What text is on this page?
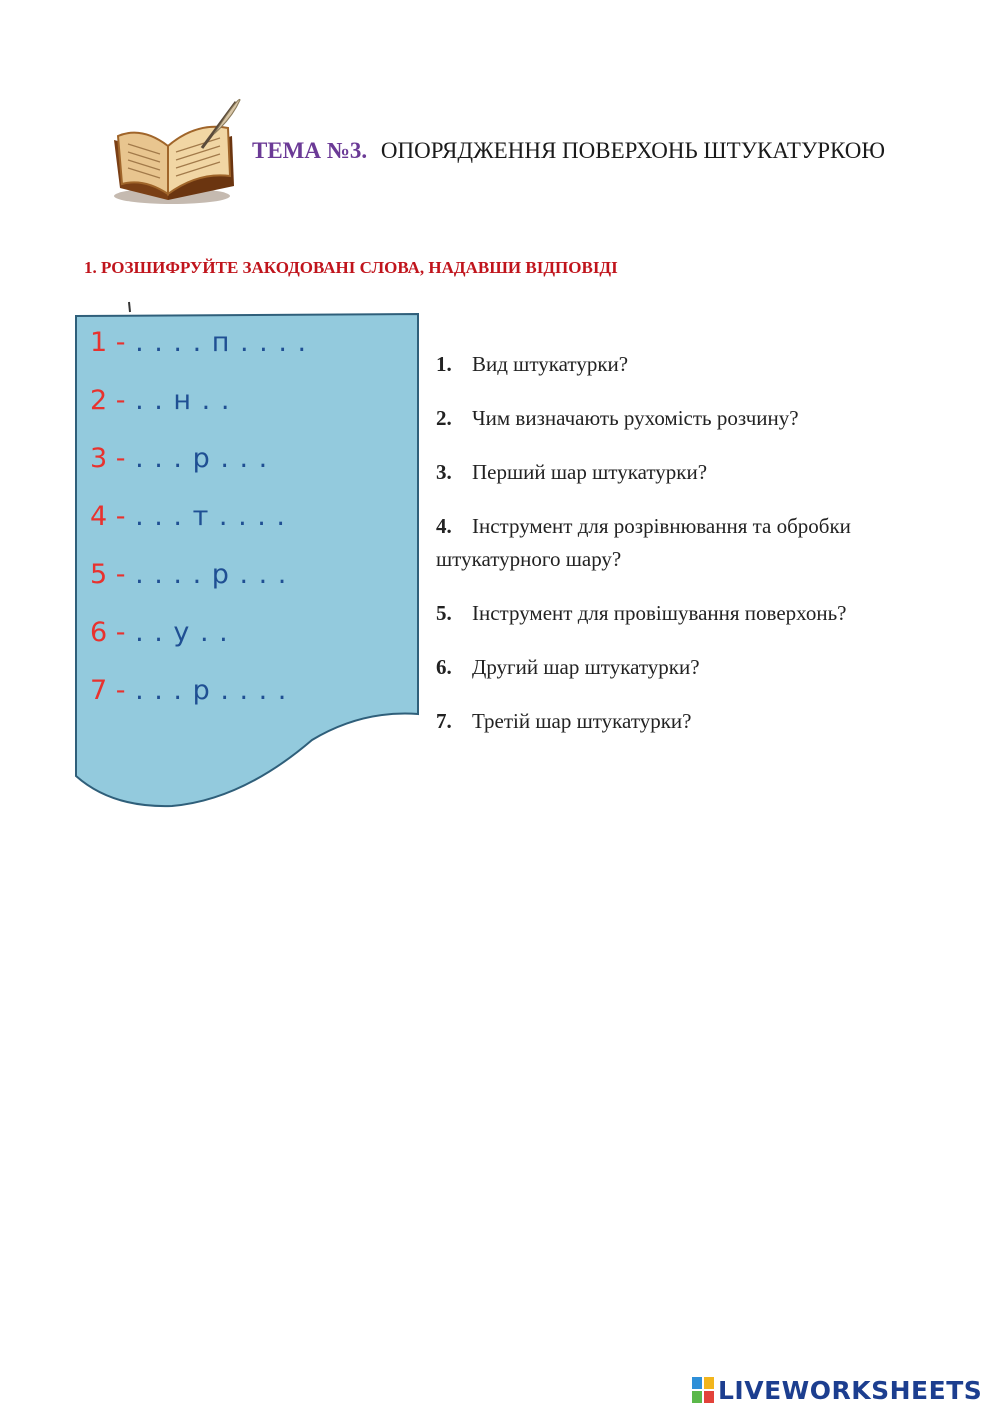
ТЕМА №3. ОПОРЯДЖЕННЯ ПОВЕРХОНЬ ШТУКАТУРКОЮ
1. РОЗШИФРУЙТЕ ЗАКОДОВАНІ СЛОВА, НАДАВШИ ВІДПОВІДІ
1 - . . . . п . . . .
2 - . . н . .
3 - . . . р . . .
4 - . . . т . . . .
5 - . . . . р . . .
6 - . . у . .
7 - . . . р . . . .
1. Вид штукатурки?
2. Чим визначають рухомість розчину?
3. Перший шар штукатурки?
4. Інструмент для розрівнювання та обробки штукатурного шару?
5. Інструмент для провішування поверхонь?
6. Другий шар штукатурки?
7. Третій шар штукатурки?
LIVEWORKSHEETS
